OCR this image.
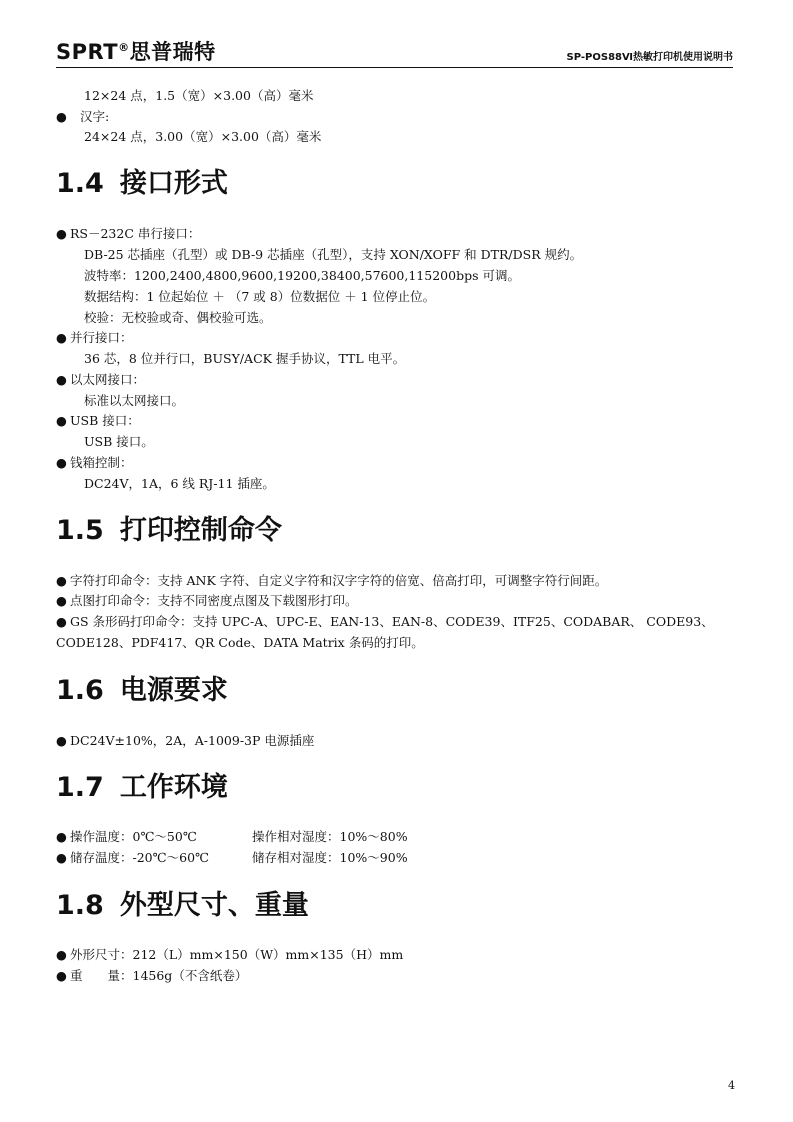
SPRT®思普瑞特	SP-POS88Ⅵ热敏打印机使用说明书
12×24 点，1.5（宽）×3.00（高）毫米
● 汉字:
24×24 点，3.00（宽）×3.00（高）毫米
1.4 接口形式
● RS－232C 串行接口：
DB-25 芯插座（孔型）或 DB-9 芯插座（孔型），支持 XON/XOFF 和 DTR/DSR 规约。
波特率：1200,2400,4800,9600,19200,38400,57600,115200bps 可调。
数据结构：1 位起始位 ＋ （7 或 8）位数据位 ＋ 1 位停止位。
校验：无校验或奇、偶校验可选。
● 并行接口：
36 芯，8 位并行口，BUSY/ACK 握手协议，TTL 电平。
● 以太网接口：
标准以太网接口。
● USB 接口：
USB 接口。
● 钱箱控制：
DC24V，1A，6 线 RJ-11 插座。
1.5 打印控制命令
● 字符打印命令：支持 ANK 字符、自定义字符和汉字字符的倍宽、倍高打印，可调整字符行间距。
● 点图打印命令：支持不同密度点图及下载图形打印。
● GS 条形码打印命令：支持 UPC-A、UPC-E、EAN-13、EAN-8、CODE39、ITF25、CODABAR、 CODE93、
CODE128、PDF417、QR Code、DATA Matrix 条码的打印。
1.6 电源要求
● DC24V±10%，2A，A-1009-3P 电源插座
1.7 工作环境
● 操作温度：0℃～50℃	操作相对湿度：10%～80%
● 储存温度：-20℃～60℃	储存相对湿度：10%～90%
1.8 外型尺寸、重量
● 外形尺寸：212（L）mm×150（W）mm×135（H）mm
● 重　　量：1456g（不含纸卷）
4
